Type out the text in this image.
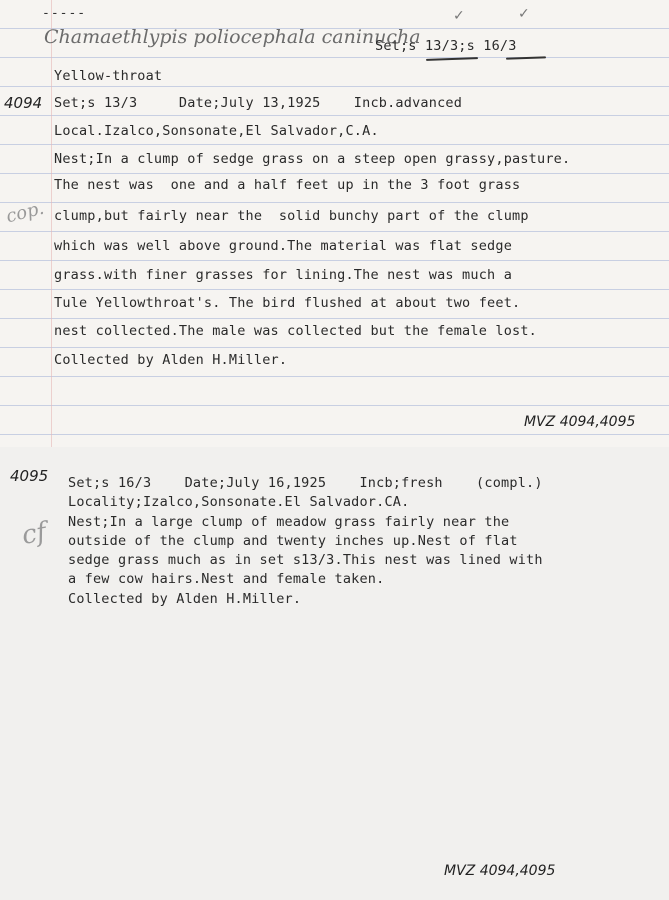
-----
Chamaethlypis poliocephala caninucha
✓	✓
Set;s 13/3;s 16/3
Yellow-throat
4094 Set;s 13/3     Date;July 13,1925    Incb.advanced
Local.Izalco,Sonsonate,El Salvador,C.A.
cop.
Nest;In a clump of sedge grass on a steep open grassy,pasture.
The nest was  one and a half feet up in the 3 foot grass
clump,but fairly near the  solid bunchy part of the clump
which was well above ground.The material was flat sedge
grass.with finer grasses for lining.The nest was much a
Tule Yellowthroat's. The bird flushed at about two feet.
nest collected.The male was collected but the female lost.
Collected by Alden H.Miller.
MVZ 4094,4095
4095
cf
Set;s 16/3    Date;July 16,1925    Incb;fresh    (compl.)
Locality;Izalco,Sonsonate.El Salvador.CA.
Nest;In a large clump of meadow grass fairly near the
outside of the clump and twenty inches up.Nest of flat
sedge grass much as in set s13/3.This nest was lined with
a few cow hairs.Nest and female taken.
Collected by Alden H.Miller.
MVZ 4094,4095
